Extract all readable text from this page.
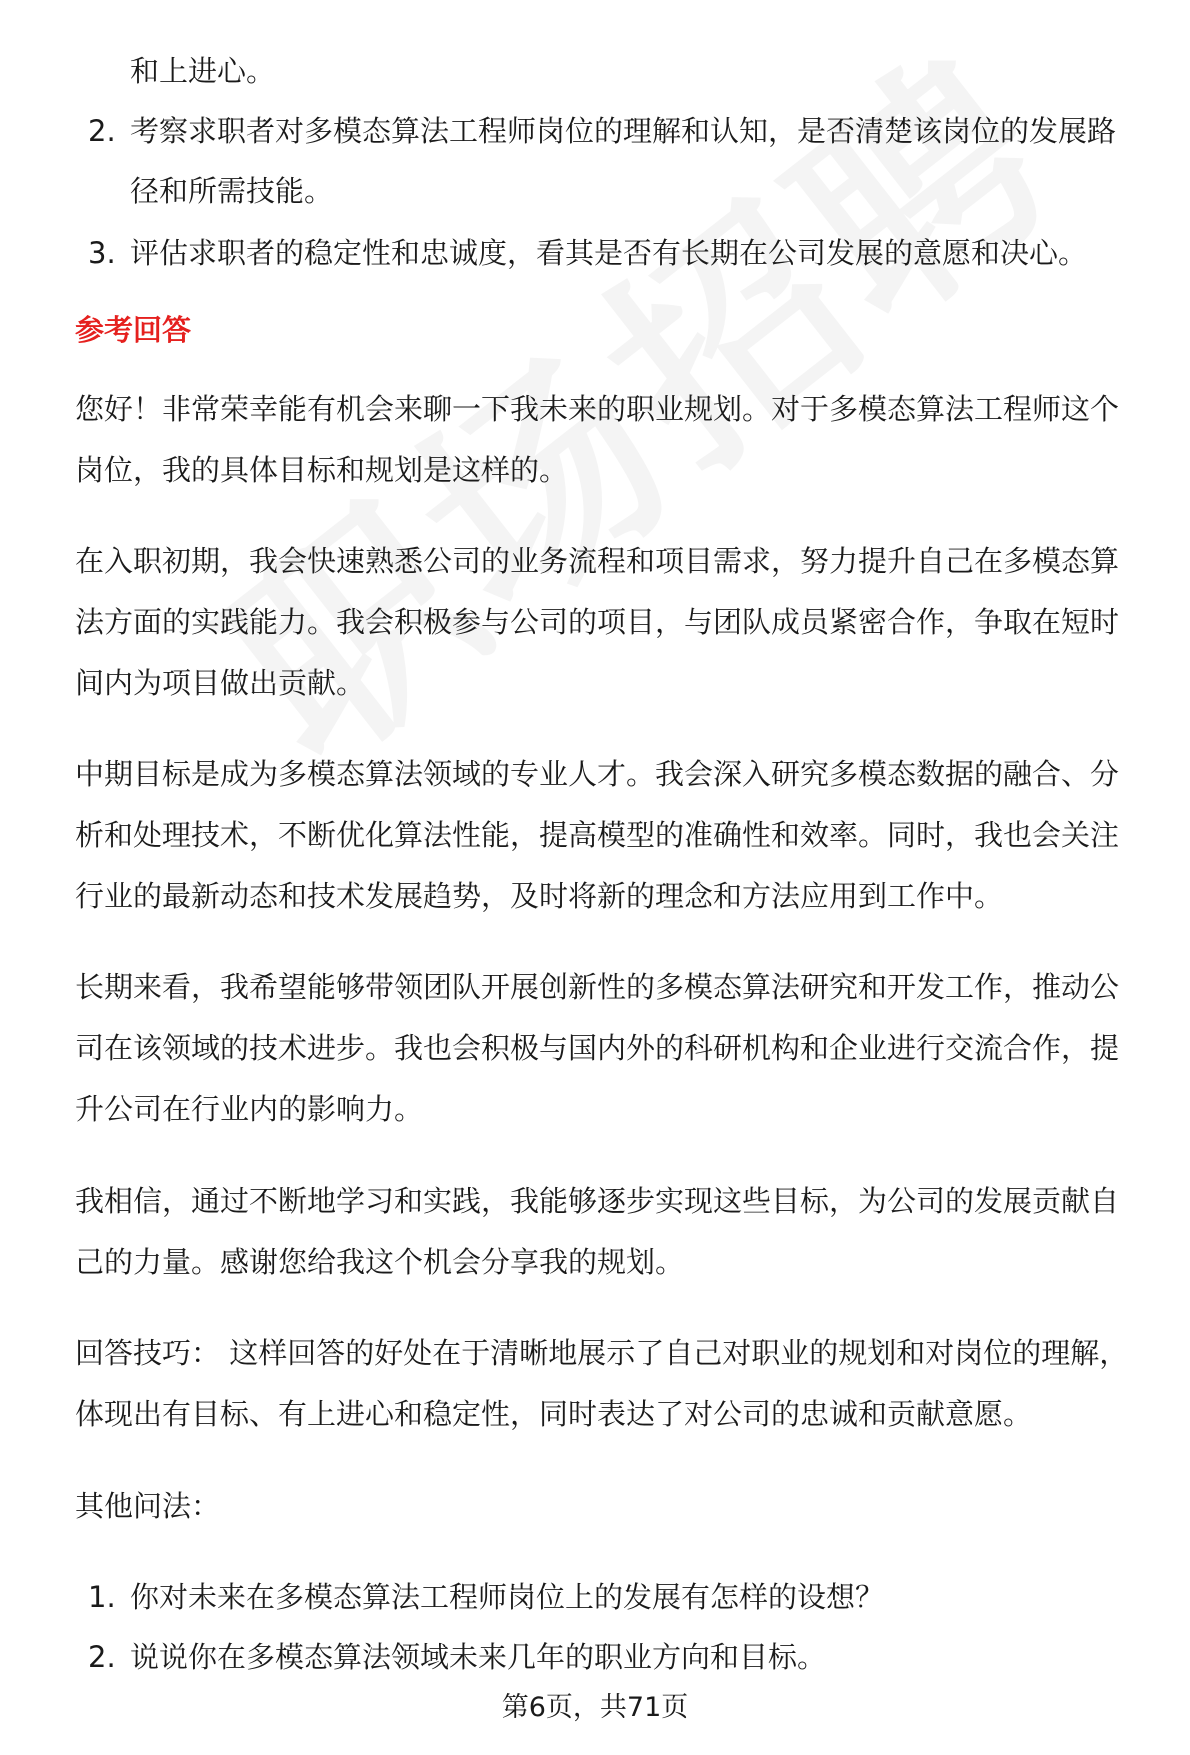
和上进心。
2. 考察求职者对多模态算法工程师岗位的理解和认知，是否清楚该岗位的发展路
径和所需技能。
3. 评估求职者的稳定性和忠诚度，看其是否有长期在公司发展的意愿和决心。
参考回答
您好！非常荣幸能有机会来聊一下我未来的职业规划。对于多模态算法工程师这个
岗位，我的具体目标和规划是这样的。
在入职初期，我会快速熟悉公司的业务流程和项目需求，努力提升自己在多模态算
法方面的实践能力。我会积极参与公司的项目，与团队成员紧密合作，争取在短时
间内为项目做出贡献。
中期目标是成为多模态算法领域的专业人才。我会深入研究多模态数据的融合、分
析和处理技术，不断优化算法性能，提高模型的准确性和效率。同时，我也会关注
行业的最新动态和技术发展趋势，及时将新的理念和方法应用到工作中。
长期来看，我希望能够带领团队开展创新性的多模态算法研究和开发工作，推动公
司在该领域的技术进步。我也会积极与国内外的科研机构和企业进行交流合作，提
升公司在行业内的影响力。
我相信，通过不断地学习和实践，我能够逐步实现这些目标，为公司的发展贡献自
己的力量。感谢您给我这个机会分享我的规划。
回答技巧： 这样回答的好处在于清晰地展示了自己对职业的规划和对岗位的理解，
体现出有目标、有上进心和稳定性，同时表达了对公司的忠诚和贡献意愿。
其他问法：
1. 你对未来在多模态算法工程师岗位上的发展有怎样的设想？
2. 说说你在多模态算法领域未来几年的职业方向和目标。
第6页，共71页
